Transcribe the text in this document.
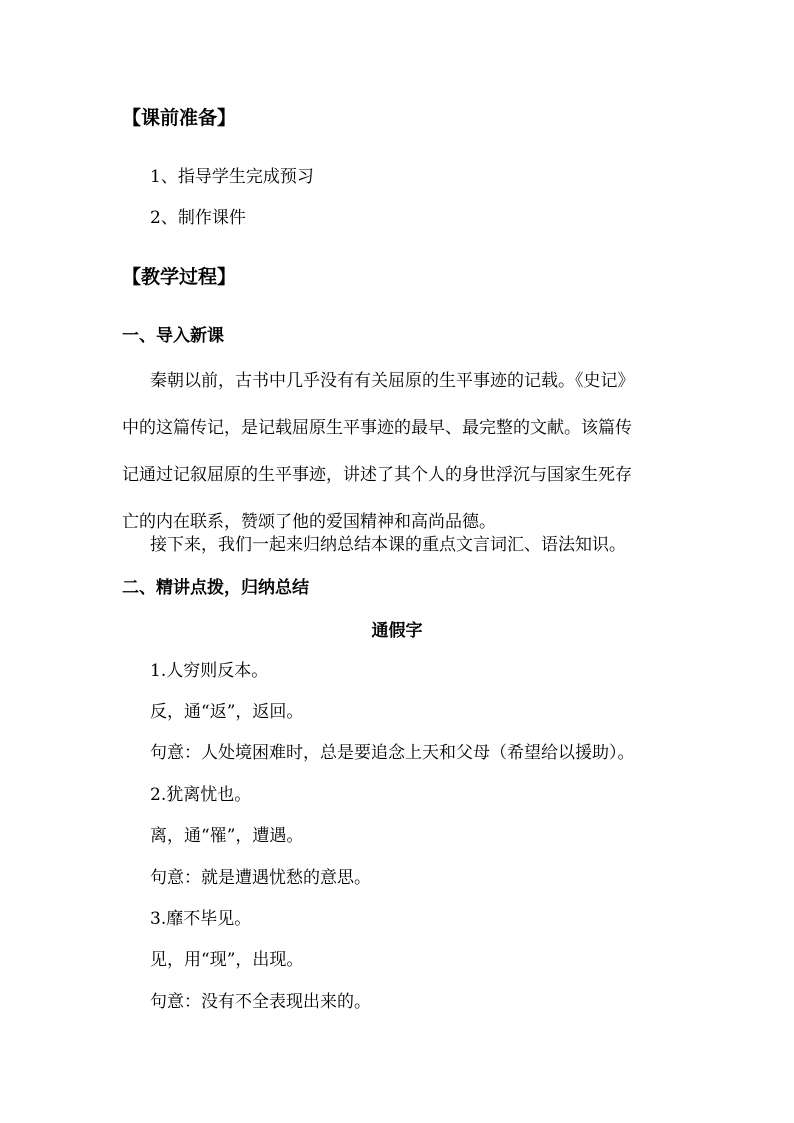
【课前准备】

1、指导学生完成预习

2、制作课件

【教学过程】

一、导入新课

秦朝以前，古书中几乎没有有关屈原的生平事迹的记载。《史记》

中的这篇传记，是记载屈原生平事迹的最早、最完整的文献。该篇传

记通过记叙屈原的生平事迹，讲述了其个人的身世浮沉与国家生死存

亡的内在联系，赞颂了他的爱国精神和高尚品德。

接下来，我们一起来归纳总结本课的重点文言词汇、语法知识。

二、精讲点拨，归纳总结

通假字

1.人穷则反本。

反，通“返”，返回。

句意：人处境困难时，总是要追念上天和父母（希望给以援助）。

2.犹离忧也。

离，通“罹”，遭遇。

句意：就是遭遇忧愁的意思。

3.靡不毕见。

见，用“现”，出现。

句意：没有不全表现出来的。
